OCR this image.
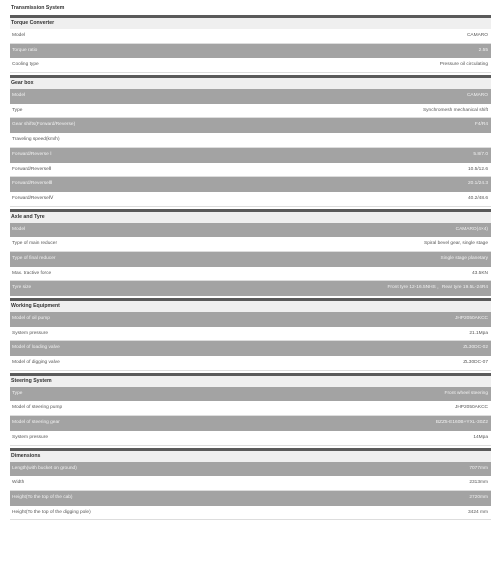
Transmission System
Torque Converter
Model	CAMARO
Torque ratio	2.55
Cooling type	Pressure oil circulating
Gear box
Model	CAMARO
Type	Synchromesh mechanical shift
Gear shifts(Forward/Reverse)	F4/R4
Traveling speed(km/h)
Forward/Reverse Ⅰ	5.8/7.0
Forward/ReverseⅡ	10.5/12.6
Forward/ReverseⅢ	20.1/24.3
Forward/ReverseⅣ	40.2/48.6
Axle and Tyre
Model	CAMARO(4×4)
Type of main reducer	Spiral bevel gear, single stage
Type of final reducer	Single stage planetary
Max. tractive force	43.5KN
Tyre size	Front tyre 12-16.5NHS ，Rear tyre 19.5L-24R4
Working Equipment
Model of oil pump	JHP2050AKCC
System pressure	21.1Mpa
Model of loading valve	ZL30DC-02
Model of digging valve	ZL30DC-07
Steering System
Type	Front wheel steering
Model of steering pump	JHP2050AKCC
Model of steering gear	BZZ5-E160B+YXL-30Z2
System pressure	14Mpa
Dimensions
Length(with bucket on ground)	7077mm
Width	2313mm
Height(To the top of the cab)	2720mm
Height(To the top of the digging pole)	3424 mm
